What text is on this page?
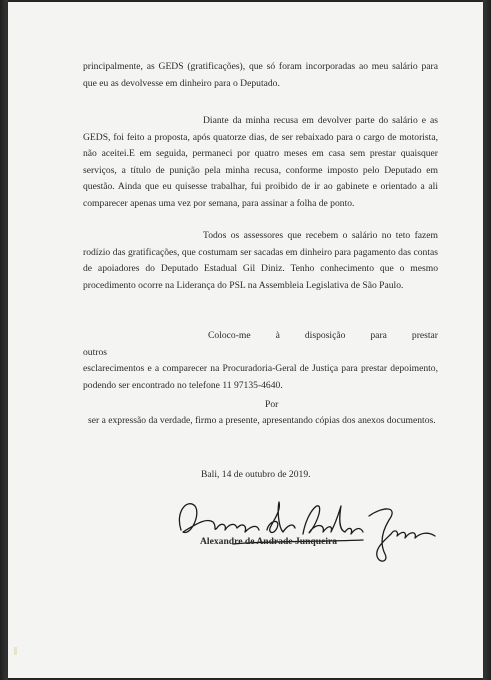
principalmente, as GEDS (gratificações), que só foram incorporadas ao meu salário para que eu as devolvesse em dinheiro para o Deputado.

Diante da minha recusa em devolver parte do salário e as GEDS, foi feito a proposta, após quatorze dias, de ser rebaixado para o cargo de motorista, não aceitei.E em seguida, permaneci por quatro meses em casa sem prestar quaisquer serviços, a título de punição pela minha recusa, conforme imposto pelo Deputado em questão. Ainda que eu quisesse trabalhar, fui proibido de ir ao gabinete e orientado a ali comparecer apenas uma vez por semana, para assinar a folha de ponto.

Todos os assessores que recebem o salário no teto fazem rodízio das gratificações, que costumam ser sacadas em dinheiro para pagamento das contas de apoiadores do Deputado Estadual Gil Diniz. Tenho conhecimento que o mesmo procedimento ocorre na Liderança do PSL na Assembleia Legislativa de São Paulo.

Coloco-me à disposição para prestar outros
esclarecimentos e a comparecer na Procuradoria-Geral de Justiça para prestar depoimento, podendo ser encontrado no telefone 11 97135-4640.

Por

ser a expressão da verdade, firmo a presente, apresentando cópias dos anexos documentos.

Bali, 14 de outubro de 2019.

Alexandre de Andrade Junqueira
